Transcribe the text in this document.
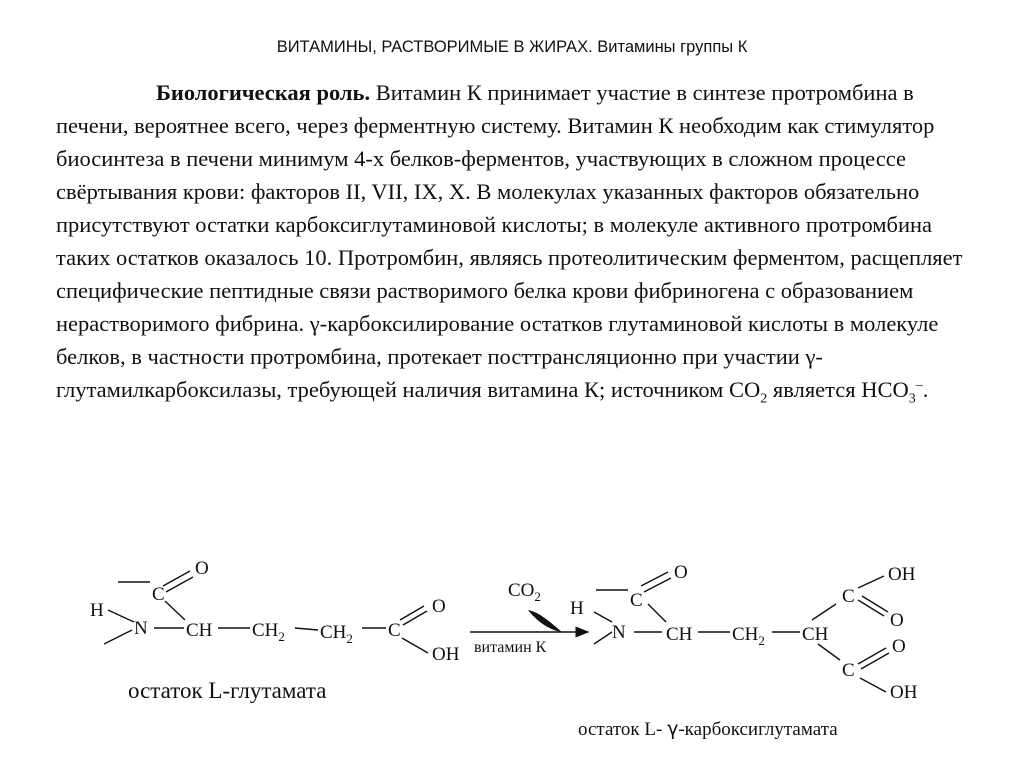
ВИТАМИНЫ, РАСТВОРИМЫЕ В ЖИРАХ. Витамины группы К
Биологическая роль. Витамин К принимает участие в синтезе протромбина в печени, вероятнее всего, через ферментную систему. Витамин К необходим как стимулятор биосинтеза в печени минимум 4-х белков-ферментов, участвующих в сложном процессе свёртывания крови: факторов II, VII, IX, X. В молекулах указанных факторов обязательно присутствуют остатки карбоксиглутаминовой кислоты; в молекуле активного протромбина таких остатков оказалось 10. Протромбин, являясь протеолитическим ферментом, расщепляет специфические пептидные связи растворимого белка крови фибриногена с образованием нерастворимого фибрина. γ-карбоксилирование остатков глутаминовой кислоты в молекуле белков, в частности протромбина, протекает посттрансляционно при участии γ-глутамилкарбоксилазы, требующей наличия витамина К; источником $СО_2$ является $НСО_3^-$.
C
O
H
N CH $CH_2$ $CH_2$ C
O
OH
$CO_2$
витамин К
C
O
H
N CH $CH_2$ CH
C
OH
O
C
O
OH
остаток L-глутамата
остаток L- γ-карбоксиглутамата
